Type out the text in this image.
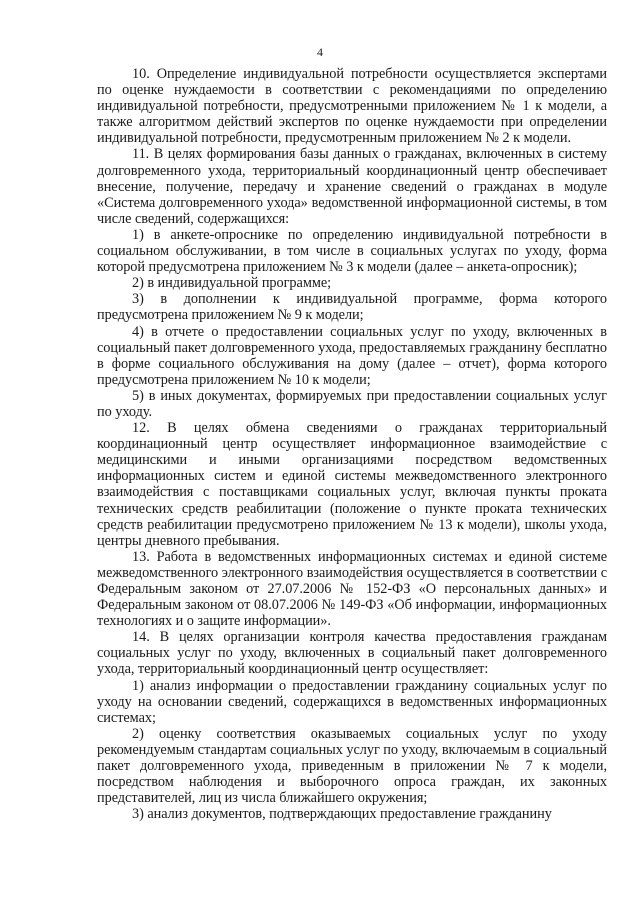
4

10. Определение индивидуальной потребности осуществляется экспертами по оценке нуждаемости в соответствии с рекомендациями по определению индивидуальной потребности, предусмотренными приложением № 1 к модели, а также алгоритмом действий экспертов по оценке нуждаемости при определении индивидуальной потребности, предусмотренным приложением № 2 к модели.

11. В целях формирования базы данных о гражданах, включенных в систему долговременного ухода, территориальный координационный центр обеспечивает внесение, получение, передачу и хранение сведений о гражданах в модуле «Система долговременного ухода» ведомственной информационной системы, в том числе сведений, содержащихся:

1) в анкете-опроснике по определению индивидуальной потребности в социальном обслуживании, в том числе в социальных услугах по уходу, форма которой предусмотрена приложением № 3 к модели (далее – анкета-опросник);

2) в индивидуальной программе;

3) в дополнении к индивидуальной программе, форма которого предусмотрена приложением № 9 к модели;

4) в отчете о предоставлении социальных услуг по уходу, включенных в социальный пакет долговременного ухода, предоставляемых гражданину бесплатно в форме социального обслуживания на дому (далее – отчет), форма которого предусмотрена приложением № 10 к модели;

5) в иных документах, формируемых при предоставлении социальных услуг по уходу.

12. В целях обмена сведениями о гражданах территориальный координационный центр осуществляет информационное взаимодействие с медицинскими и иными организациями посредством ведомственных информационных систем и единой системы межведомственного электронного взаимодействия с поставщиками социальных услуг, включая пункты проката технических средств реабилитации (положение о пункте проката технических средств реабилитации предусмотрено приложением № 13 к модели), школы ухода, центры дневного пребывания.

13. Работа в ведомственных информационных системах и единой системе межведомственного электронного взаимодействия осуществляется в соответствии с Федеральным законом от 27.07.2006 № 152-ФЗ «О персональных данных» и Федеральным законом от 08.07.2006 № 149-ФЗ «Об информации, информационных технологиях и о защите информации».

14. В целях организации контроля качества предоставления гражданам социальных услуг по уходу, включенных в социальный пакет долговременного ухода, территориальный координационный центр осуществляет:

1) анализ информации о предоставлении гражданину социальных услуг по уходу на основании сведений, содержащихся в ведомственных информационных системах;

2) оценку соответствия оказываемых социальных услуг по уходу рекомендуемым стандартам социальных услуг по уходу, включаемым в социальный пакет долговременного ухода, приведенным в приложении № 7 к модели, посредством наблюдения и выборочного опроса граждан, их законных представителей, лиц из числа ближайшего окружения;

3) анализ документов, подтверждающих предоставление гражданину
